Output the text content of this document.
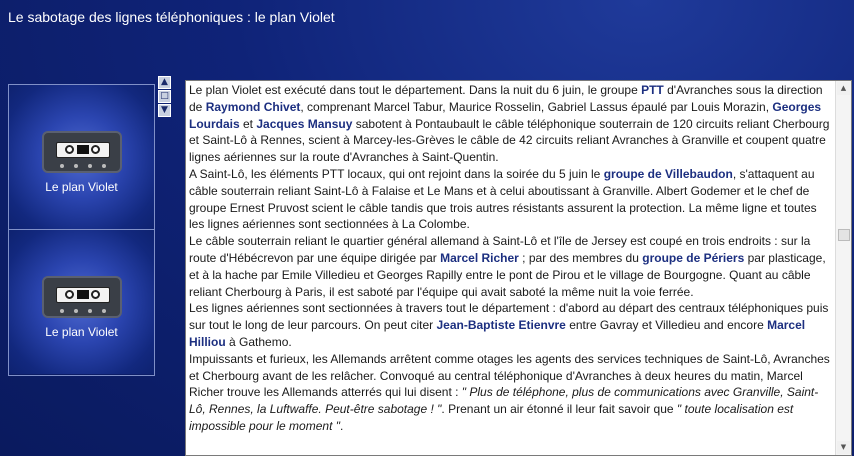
Le sabotage des lignes téléphoniques : le plan Violet
Le plan Violet
Le plan Violet
▲
□
▼

Le plan Violet est exécuté dans tout le département. Dans la nuit du 6 juin, le groupe PTT d'Avranches sous la direction de Raymond Chivet, comprenant Marcel Tabur, Maurice Rosselin, Gabriel Lassus épaulé par Louis Morazin, Georges Lourdais et Jacques Mansuy sabotent à Pontaubault le câble téléphonique souterrain de 120 circuits reliant Cherbourg et Saint-Lô à Rennes, scient à Marcey-les-Grèves le câble de 42 circuits reliant Avranches à Granville et coupent quatre lignes aériennes sur la route d'Avranches à Saint-Quentin.

A Saint-Lô, les éléments PTT locaux, qui ont rejoint dans la soirée du 5 juin le groupe de Villebaudon, s'attaquent au câble souterrain reliant Saint-Lô à Falaise et Le Mans et à celui aboutissant à Granville. Albert Godemer et le chef de groupe Ernest Pruvost scient le câble tandis que trois autres résistants assurent la protection. La même ligne et toutes les lignes aériennes sont sectionnées à La Colombe.

Le câble souterrain reliant le quartier général allemand à Saint-Lô et l'île de Jersey est coupé en trois endroits : sur la route d'Hébécrevon par une équipe dirigée par Marcel Richer ; par des membres du groupe de Périers par plasticage, et à la hache par Emile Villedieu et Georges Rapilly entre le pont de Pirou et le village de Bourgogne. Quant au câble reliant Cherbourg à Paris, il est saboté par l'équipe qui avait saboté la même nuit la voie ferrée.

Les lignes aériennes sont sectionnées à travers tout le département : d'abord au départ des centraux téléphoniques puis sur tout le long de leur parcours. On peut citer Jean-Baptiste Etienvre entre Gavray et Villedieu and encore Marcel Hilliou à Gathemo.

Impuissants et furieux, les Allemands arrêtent comme otages les agents des services techniques de Saint-Lô, Avranches et Cherbourg avant de les relâcher. Convoqué au central téléphonique d'Avranches à deux heures du matin, Marcel Richer trouve les Allemands atterrés qui lui disent : " Plus de téléphone, plus de communications avec Granville, Saint-Lô, Rennes, la Luftwaffe. Peut-être sabotage ! ". Prenant un air étonné il leur fait savoir que " toute localisation est impossible pour le moment ".

▲
▼
